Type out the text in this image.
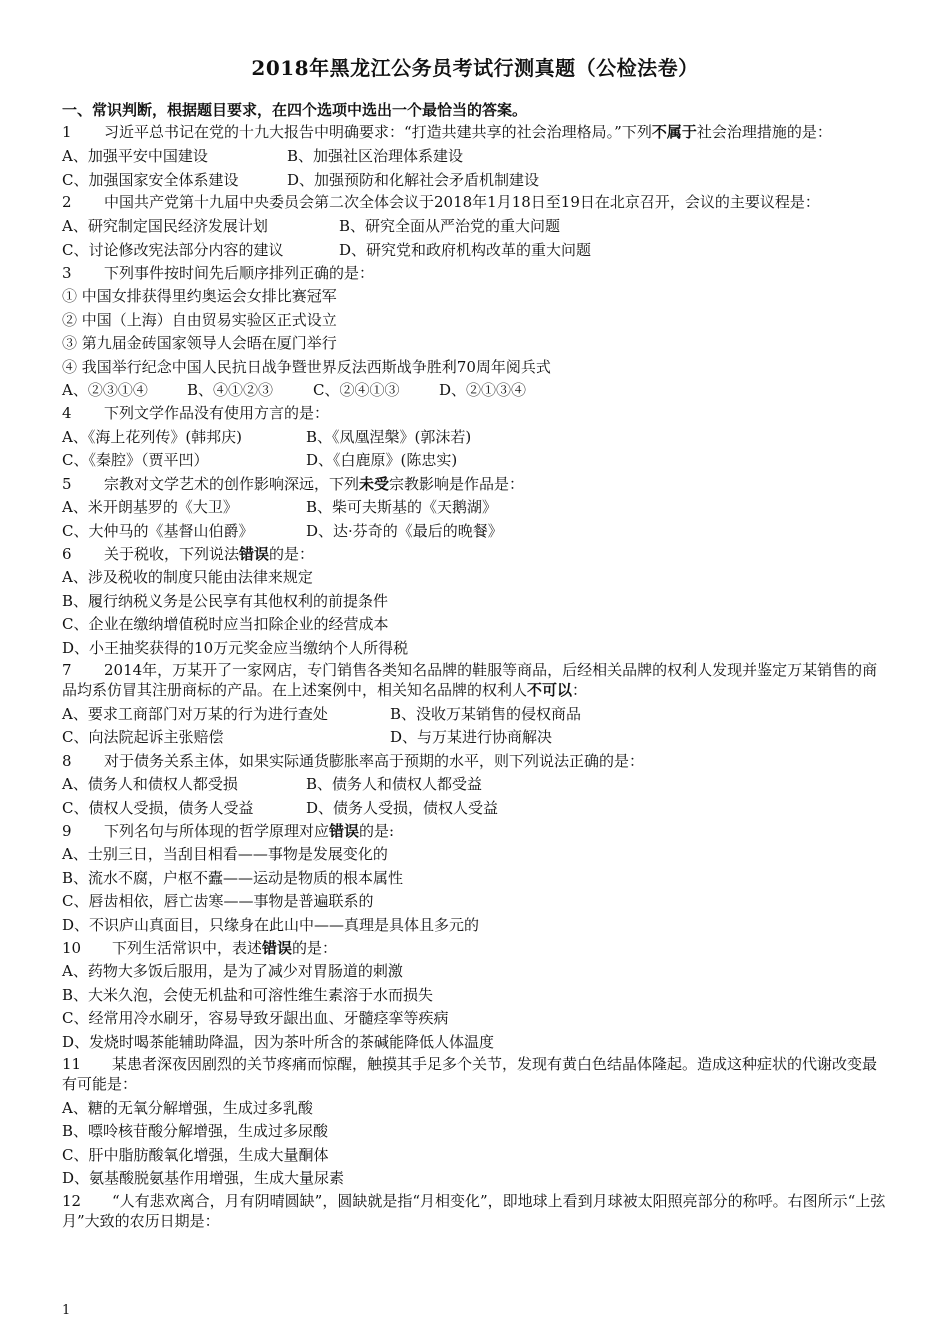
2018年黑龙江公务员考试行测真题（公检法卷）
一、常识判断，根据题目要求，在四个选项中选出一个最恰当的答案。
1 习近平总书记在党的十九大报告中明确要求：“打造共建共享的社会治理格局。”下列不属于社会治理措施的是：
A、加强平安中国建设	B、加强社区治理体系建设
C、加强国家安全体系建设	D、加强预防和化解社会矛盾机制建设
2 中国共产党第十九届中央委员会第二次全体会议于2018年1月18日至19日在北京召开，会议的主要议程是：
A、研究制定国民经济发展计划	B、研究全面从严治党的重大问题
C、讨论修改宪法部分内容的建议	D、研究党和政府机构改革的重大问题
3 下列事件按时间先后顺序排列正确的是：
① 中国女排获得里约奥运会女排比赛冠军
② 中国（上海）自由贸易实验区正式设立
③ 第九届金砖国家领导人会晤在厦门举行
④ 我国举行纪念中国人民抗日战争暨世界反法西斯战争胜利70周年阅兵式
A、②③①④	B、④①②③	C、②④①③	D、②①③④
4 下列文学作品没有使用方言的是：
A、《海上花列传》(韩邦庆)	B、《凤凰涅槃》(郭沫若)
C、《秦腔》（贾平凹）	D、《白鹿原》(陈忠实)
5 宗教对文学艺术的创作影响深远，下列未受宗教影响是作品是：
A、米开朗基罗的《大卫》	B、柴可夫斯基的《天鹅湖》
C、大仲马的《基督山伯爵》	D、达·芬奇的《最后的晚餐》
6 关于税收，下列说法错误的是：
A、涉及税收的制度只能由法律来规定
B、履行纳税义务是公民享有其他权利的前提条件
C、企业在缴纳增值税时应当扣除企业的经营成本
D、小王抽奖获得的10万元奖金应当缴纳个人所得税
7 2014年，万某开了一家网店，专门销售各类知名品牌的鞋服等商品，后经相关品牌的权利人发现并鉴定万某销售的商品均系仿冒其注册商标的产品。在上述案例中，相关知名品牌的权利人不可以：
A、要求工商部门对万某的行为进行查处	B、没收万某销售的侵权商品
C、向法院起诉主张赔偿	D、与万某进行协商解决
8 对于债务关系主体，如果实际通货膨胀率高于预期的水平，则下列说法正确的是：
A、债务人和债权人都受损	B、债务人和债权人都受益
C、债权人受损，债务人受益	D、债务人受损，债权人受益
9 下列名句与所体现的哲学原理对应错误的是:
A、士别三日，当刮目相看——事物是发展变化的
B、流水不腐，户枢不蠹——运动是物质的根本属性
C、唇齿相依，唇亡齿寒——事物是普遍联系的
D、不识庐山真面目，只缘身在此山中——真理是具体且多元的
10 下列生活常识中，表述错误的是：
A、药物大多饭后服用，是为了减少对胃肠道的刺激
B、大米久泡，会使无机盐和可溶性维生素溶于水而损失
C、经常用冷水刷牙，容易导致牙龈出血、牙髓痉挛等疾病
D、发烧时喝茶能辅助降温，因为茶叶所含的茶碱能降低人体温度
11 某患者深夜因剧烈的关节疼痛而惊醒，触摸其手足多个关节，发现有黄白色结晶体隆起。造成这种症状的代谢改变最有可能是：
A、糖的无氧分解增强，生成过多乳酸
B、嘌呤核苷酸分解增强，生成过多尿酸
C、肝中脂肪酸氧化增强，生成大量酮体
D、氨基酸脱氨基作用增强，生成大量尿素
12 “人有悲欢离合，月有阴晴圆缺”，圆缺就是指“月相变化”，即地球上看到月球被太阳照亮部分的称呼。右图所示“上弦月”大致的农历日期是：
1
